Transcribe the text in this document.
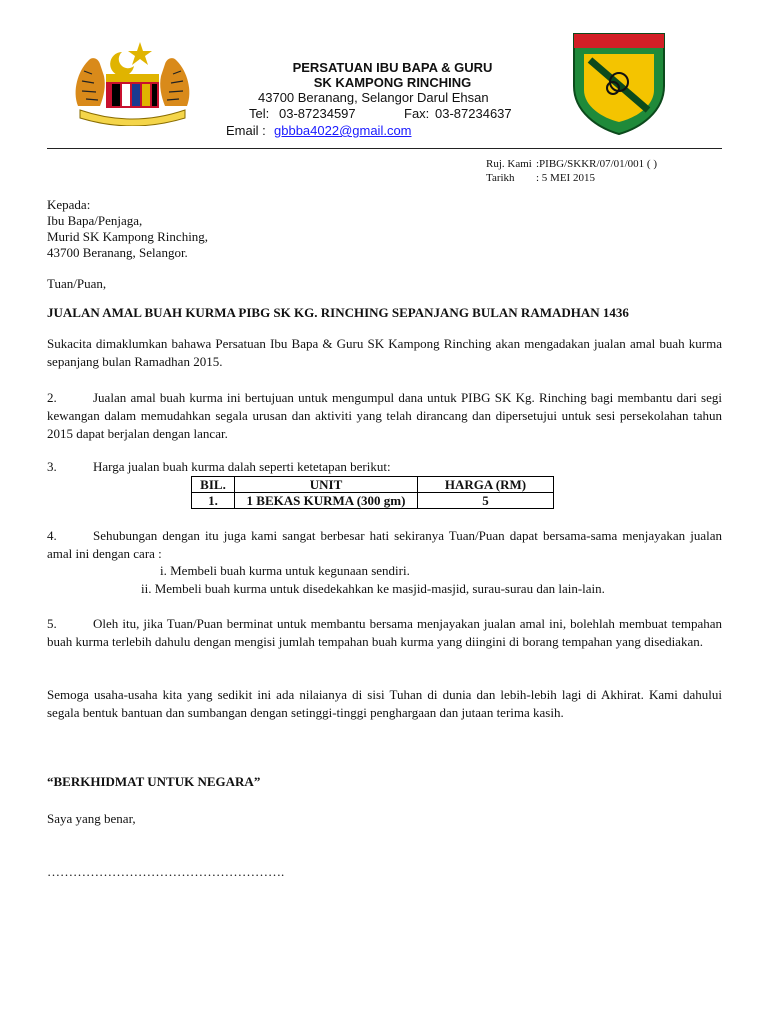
PERSATUAN IBU BAPA & GURU
SK KAMPONG RINCHING
43700 Beranang, Selangor Darul Ehsan
Tel: 03-87234597	Fax: 03-87234637
Email : gbbba4022@gmail.com
Ruj. Kami :PIBG/SKKR/07/01/001 ( )
Tarikh : 5 MEI 2015
Kepada:
Ibu Bapa/Penjaga,
Murid SK Kampong Rinching,
43700 Beranang, Selangor.
Tuan/Puan,
JUALAN AMAL BUAH KURMA PIBG SK KG. RINCHING SEPANJANG BULAN RAMADHAN 1436
Sukacita dimaklumkan bahawa Persatuan Ibu Bapa & Guru SK Kampong Rinching akan mengadakan jualan amal buah kurma sepanjang bulan Ramadhan 2015.
2.	Jualan amal buah kurma ini bertujuan untuk mengumpul dana untuk PIBG SK Kg. Rinching bagi membantu dari segi kewangan dalam memudahkan segala urusan dan aktiviti yang telah dirancang dan dipersetujui untuk sesi persekolahan tahun 2015 dapat berjalan dengan lancar.
3.	Harga jualan buah kurma dalah seperti ketetapan berikut:
BIL.	UNIT	HARGA (RM)
1.	1 BEKAS KURMA (300 gm)	5
4.	Sehubungan dengan itu juga kami sangat berbesar hati sekiranya Tuan/Puan dapat bersama-sama menjayakan jualan amal ini dengan cara :
i. Membeli buah kurma untuk kegunaan sendiri.
ii. Membeli buah kurma untuk disedekahkan ke masjid-masjid, surau-surau dan lain-lain.
5.	Oleh itu, jika Tuan/Puan berminat untuk membantu bersama menjayakan jualan amal ini, bolehlah membuat tempahan buah kurma terlebih dahulu dengan mengisi jumlah tempahan buah kurma yang diingini di borang tempahan yang disediakan.
Semoga usaha-usaha kita yang sedikit ini ada nilaianya di sisi Tuhan di dunia dan lebih-lebih lagi di Akhirat. Kami dahului segala bentuk bantuan dan sumbangan dengan setinggi-tinggi penghargaan dan jutaan terima kasih.
“BERKHIDMAT UNTUK NEGARA”
Saya yang benar,
……………………………………………….
